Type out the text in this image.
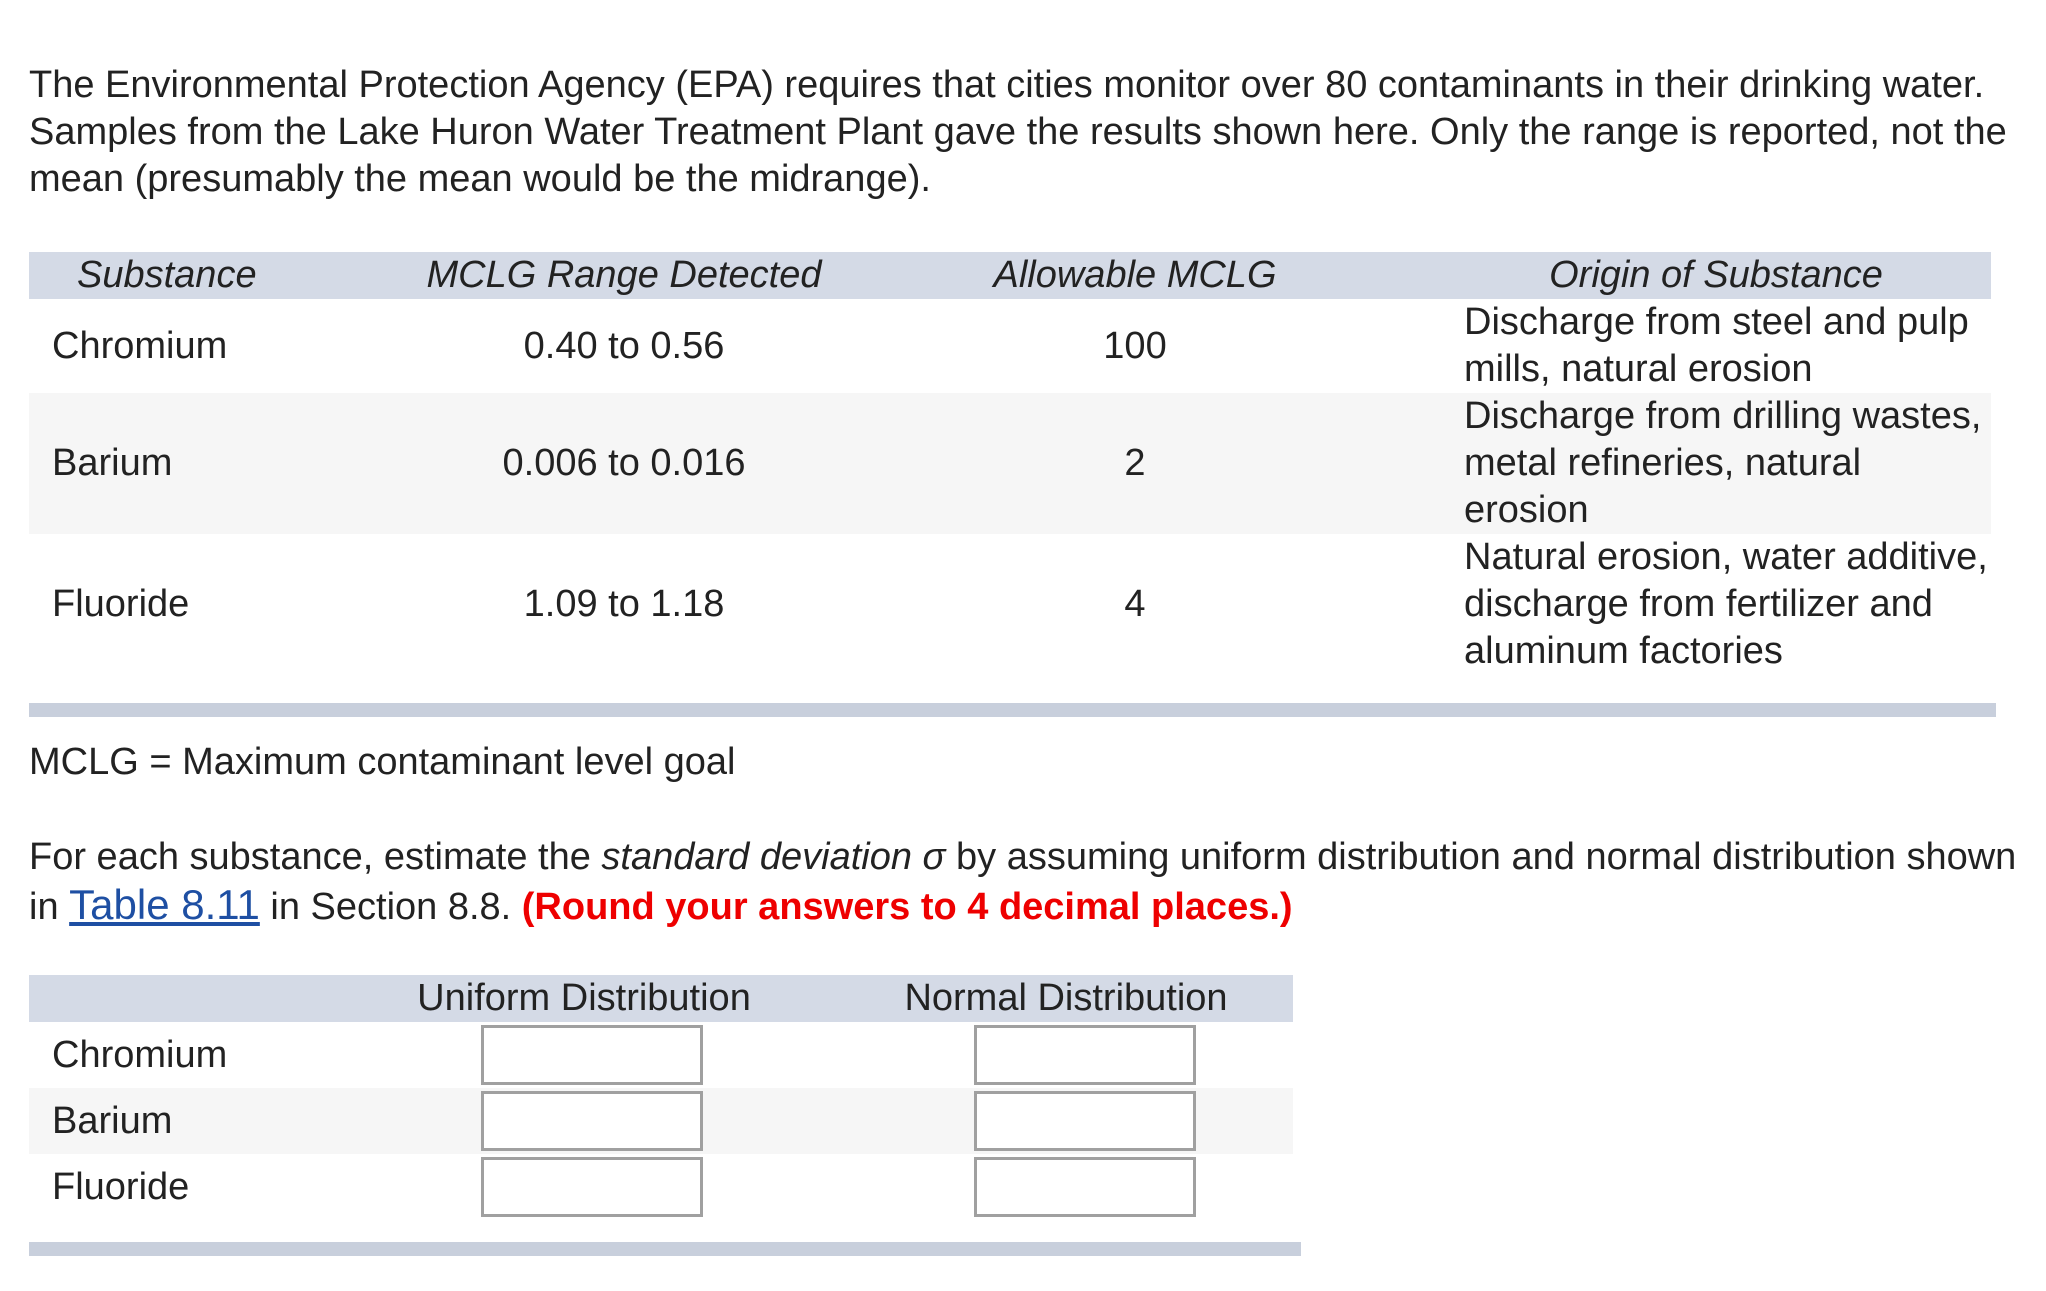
The Environmental Protection Agency (EPA) requires that cities monitor over 80 contaminants in their drinking water. Samples from the Lake Huron Water Treatment Plant gave the results shown here. Only the range is reported, not the mean (presumably the mean would be the midrange).

Substance	MCLG Range Detected	Allowable MCLG	Origin of Substance
Chromium	0.40 to 0.56	100	Discharge from steel and pulp mills, natural erosion
Barium	0.006 to 0.016	2	Discharge from drilling wastes, metal refineries, natural erosion
Fluoride	1.09 to 1.18	4	Natural erosion, water additive, discharge from fertilizer and aluminum factories

MCLG = Maximum contaminant level goal

For each substance, estimate the standard deviation σ by assuming uniform distribution and normal distribution shown in Table 8.11 in Section 8.8. (Round your answers to 4 decimal places.)

	Uniform Distribution	Normal Distribution
Chromium		
Barium		
Fluoride		
